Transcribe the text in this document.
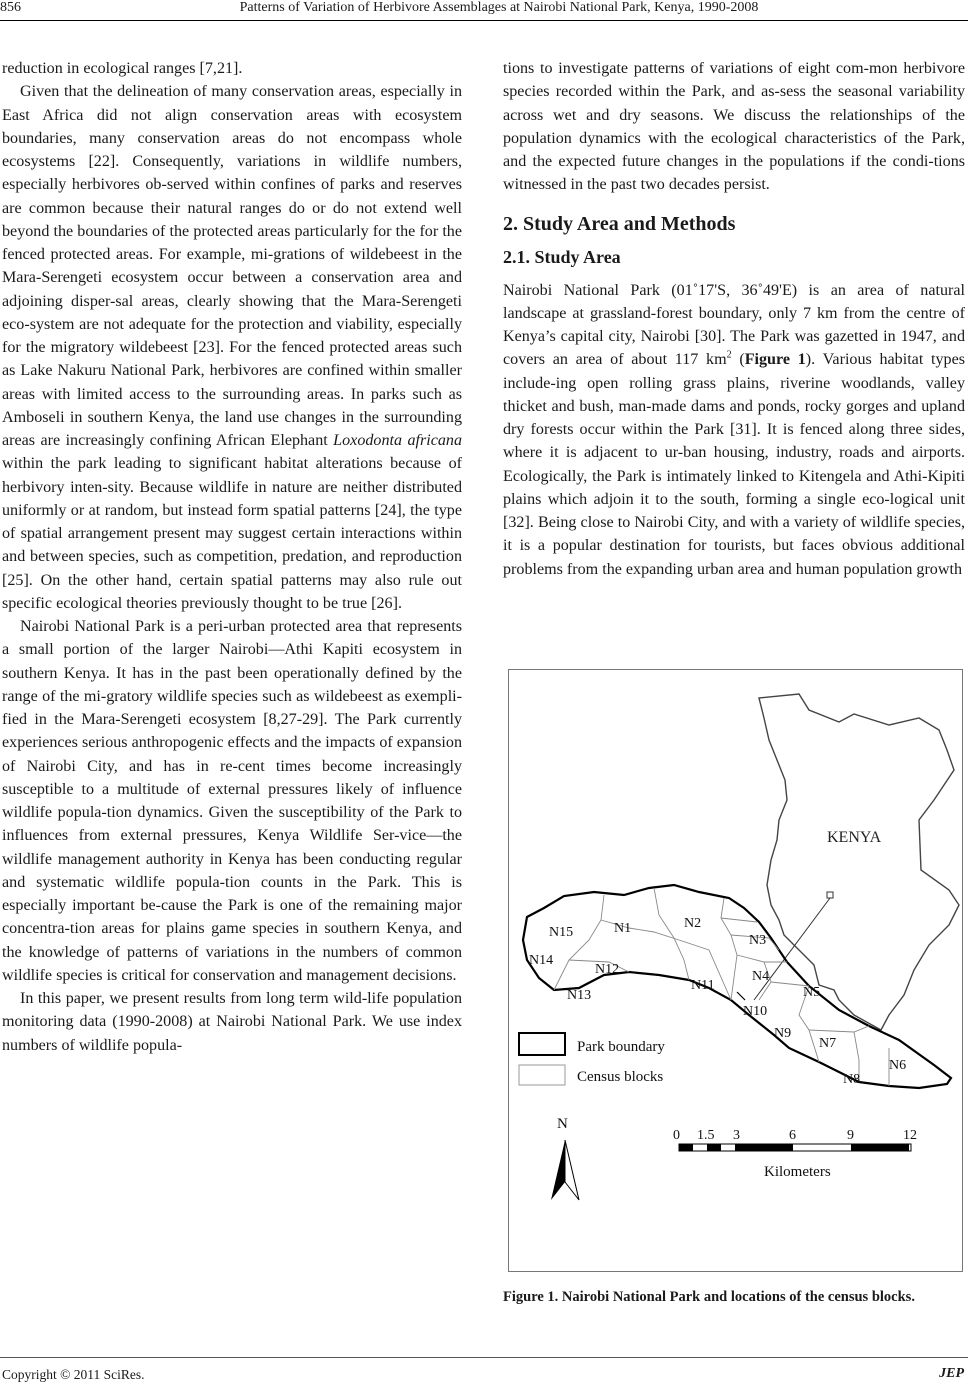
856	Patterns of Variation of Herbivore Assemblages at Nairobi National Park, Kenya, 1990-2008

reduction in ecological ranges [7,21].

Given that the delineation of many conservation areas, especially in East Africa did not align conservation areas with ecosystem boundaries, many conservation areas do not encompass whole ecosystems [22]. Consequently, variations in wildlife numbers, especially herbivores ob-served within confines of parks and reserves are common because their natural ranges do or do not extend well beyond the boundaries of the protected areas particularly for the for the fenced protected areas. For example, mi-grations of wildebeest in the Mara-Serengeti ecosystem occur between a conservation area and adjoining disper-sal areas, clearly showing that the Mara-Serengeti eco-system are not adequate for the protection and viability, especially for the migratory wildebeest [23]. For the fenced protected areas such as Lake Nakuru National Park, herbivores are confined within smaller areas with limited access to the surrounding areas. In parks such as Amboseli in southern Kenya, the land use changes in the surrounding areas are increasingly confining African Elephant Loxodonta africana within the park leading to significant habitat alterations because of herbivory inten-sity. Because wildlife in nature are neither distributed uniformly or at random, but instead form spatial patterns [24], the type of spatial arrangement present may suggest certain interactions within and between species, such as competition, predation, and reproduction [25]. On the other hand, certain spatial patterns may also rule out specific ecological theories previously thought to be true [26].

Nairobi National Park is a peri-urban protected area that represents a small portion of the larger Nairobi—Athi Kapiti ecosystem in southern Kenya. It has in the past been operationally defined by the range of the mi-gratory wildlife species such as wildebeest as exempli-fied in the Mara-Serengeti ecosystem [8,27-29]. The Park currently experiences serious anthropogenic effects and the impacts of expansion of Nairobi City, and has in re-cent times become increasingly susceptible to a multitude of external pressures likely of influence wildlife popula-tion dynamics. Given the susceptibility of the Park to influences from external pressures, Kenya Wildlife Ser-vice—the wildlife management authority in Kenya has been conducting regular and systematic wildlife popula-tion counts in the Park. This is especially important be-cause the Park is one of the remaining major concentra-tion areas for plains game species in southern Kenya, and the knowledge of patterns of variations in the numbers of common wildlife species is critical for conservation and management decisions.

In this paper, we present results from long term wild-life population monitoring data (1990-2008) at Nairobi National Park. We use index numbers of wildlife popula-

tions to investigate patterns of variations of eight com-mon herbivore species recorded within the Park, and as-sess the seasonal variability across wet and dry seasons. We discuss the relationships of the population dynamics with the ecological characteristics of the Park, and the expected future changes in the populations if the condi-tions witnessed in the past two decades persist.

2. Study Area and Methods
2.1. Study Area

Nairobi National Park (01˚17'S, 36˚49'E) is an area of natural landscape at grassland-forest boundary, only 7 km from the centre of Kenya’s capital city, Nairobi [30]. The Park was gazetted in 1947, and covers an area of about 117 $km^2$ (Figure 1). Various habitat types include-ing open rolling grass plains, riverine woodlands, valley thicket and bush, man-made dams and ponds, rocky gorges and upland dry forests occur within the Park [31]. It is fenced along three sides, where it is adjacent to ur-ban housing, industry, roads and airports. Ecologically, the Park is intimately linked to Kitengela and Athi-Kipiti plains which adjoin it to the south, forming a single eco-logical unit [32]. Being close to Nairobi City, and with a variety of wildlife species, it is a popular destination for tourists, but faces obvious additional problems from the expanding urban area and human population growth

KENYA
N15	N1	N2
N3
N14
N12	N4
N11
N13	N5
N10
N9
N7
N6
N8
Park boundary
Census blocks
N
0 1.5 3	6	9	12
Kilometers
Figure 1. Nairobi National Park and locations of the census blocks.
Copyright © 2011 SciRes.	JEP
